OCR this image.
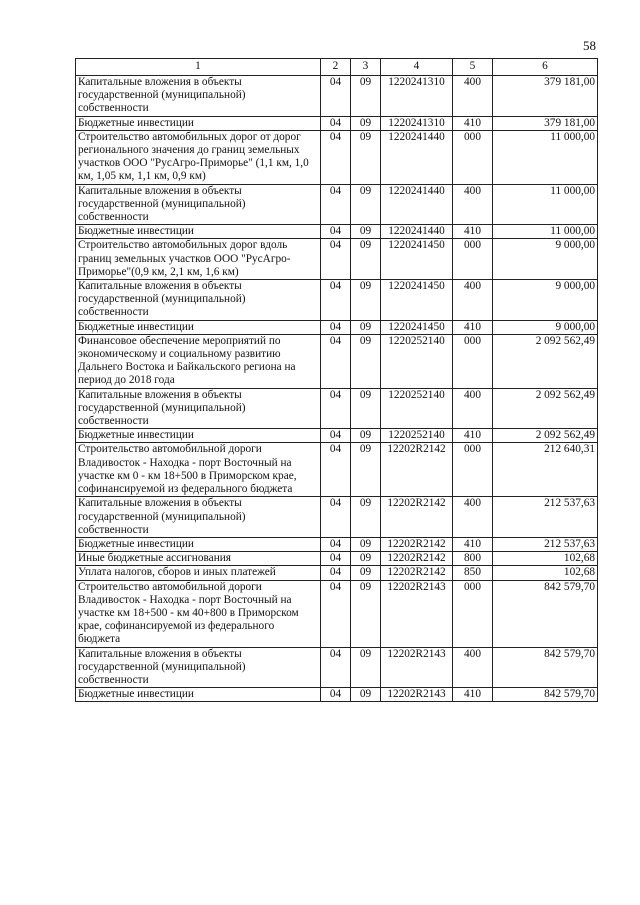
58
1	2	3	4	5	6
Капитальные вложения в объекты государственной (муниципальной) собственности	04	09	1220241310	400	379 181,00
Бюджетные инвестиции	04	09	1220241310	410	379 181,00
Строительство автомобильных дорог от дорог регионального значения до границ земельных участков ООО "РусАгро-Приморье" (1,1 км, 1,0 км, 1,05 км, 1,1 км, 0,9 км)	04	09	1220241440	000	11 000,00
Капитальные вложения в объекты государственной (муниципальной) собственности	04	09	1220241440	400	11 000,00
Бюджетные инвестиции	04	09	1220241440	410	11 000,00
Строительство автомобильных дорог вдоль границ земельных участков ООО "РусАгро-Приморье"(0,9 км, 2,1 км, 1,6 км)	04	09	1220241450	000	9 000,00
Капитальные вложения в объекты государственной (муниципальной) собственности	04	09	1220241450	400	9 000,00
Бюджетные инвестиции	04	09	1220241450	410	9 000,00
Финансовое обеспечение мероприятий по экономическому и социальному развитию Дальнего Востока и Байкальского региона на период до 2018 года	04	09	1220252140	000	2 092 562,49
Капитальные вложения в объекты государственной (муниципальной) собственности	04	09	1220252140	400	2 092 562,49
Бюджетные инвестиции	04	09	1220252140	410	2 092 562,49
Строительство автомобильной дороги Владивосток - Находка - порт Восточный на участке км 0 - км 18+500 в Приморском крае, софинансируемой из федерального бюджета	04	09	12202R2142	000	212 640,31
Капитальные вложения в объекты государственной (муниципальной) собственности	04	09	12202R2142	400	212 537,63
Бюджетные инвестиции	04	09	12202R2142	410	212 537,63
Иные бюджетные ассигнования	04	09	12202R2142	800	102,68
Уплата налогов, сборов и иных платежей	04	09	12202R2142	850	102,68
Строительство автомобильной дороги Владивосток - Находка - порт Восточный на участке км 18+500 - км 40+800 в Приморском крае, софинансируемой из федерального бюджета	04	09	12202R2143	000	842 579,70
Капитальные вложения в объекты государственной (муниципальной) собственности	04	09	12202R2143	400	842 579,70
Бюджетные инвестиции	04	09	12202R2143	410	842 579,70
